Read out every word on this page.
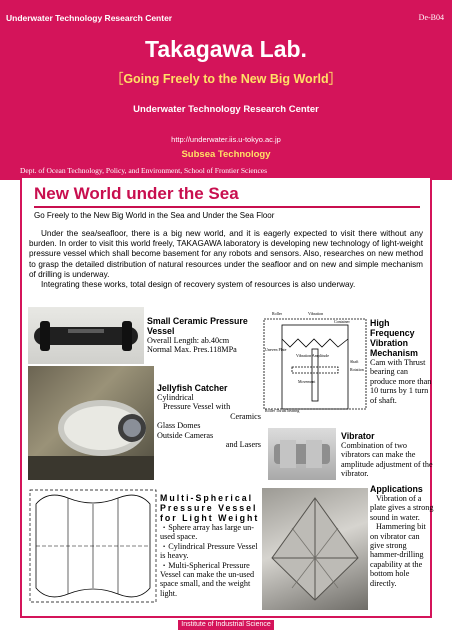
Underwater Technology Research Center	De-B04
Takagawa Lab.
［Going Freely to the New Big World］
Underwater Technology Research Center
http://underwater.iis.u-tokyo.ac.jp
Subsea Technology
Dept. of Ocean Technology, Policy, and Environment, School of Frontier Sciences
New World under the Sea
Go Freely to the New Big World in the Sea and Under the Sea Floor

Under the sea/seafloor, there is a big new world, and it is eagerly expected to visit there without any burden. In order to visit this world freely, TAKAGAWA laboratory is developing new technology of light-weight pressure vessel which shall become basement for any robots and sensors. Also, researches on new method to grasp the detailed distribution of natural resources under the seafloor and on new and simple mechanism of drilling is underway.

Integrating these works, total design of recovery system of resources is also underway.

Small Ceramic Pressure Vessel
Overall Length: ab.40cm
Normal Max. Pres.118MPa
Jellyfish Catcher
Cylindrical
Pressure Vessel with
Ceramics
Glass Domes
Outside Cameras
and Lasers
Roller	Vibration
Container
Uneven Plate
Vibration Amplitude
Movement
Shaft
Rotation
Roller Thrust bearing
High Frequency Vibration Mechanism
Cam with Thrust bearing can produce more than 10 turns by 1 turn of shaft.
Vibrator
Combination of two vibrators can make the amplitude adjustment of the vibrator.
Multi-Spherical Pressure Vessel for Light Weight
・Sphere array has large un-used space.
・Cylindrical Pressure Vessel is heavy.
・Multi-Spherical Pressure Vessel can make the un-used space small, and the weight light.
Applications
Vibration of a plate gives a strong sound in water.
Hammering bit on vibrator can give strong hammer-drilling capability at the bottom hole directly.
Institute of Industrial Science
